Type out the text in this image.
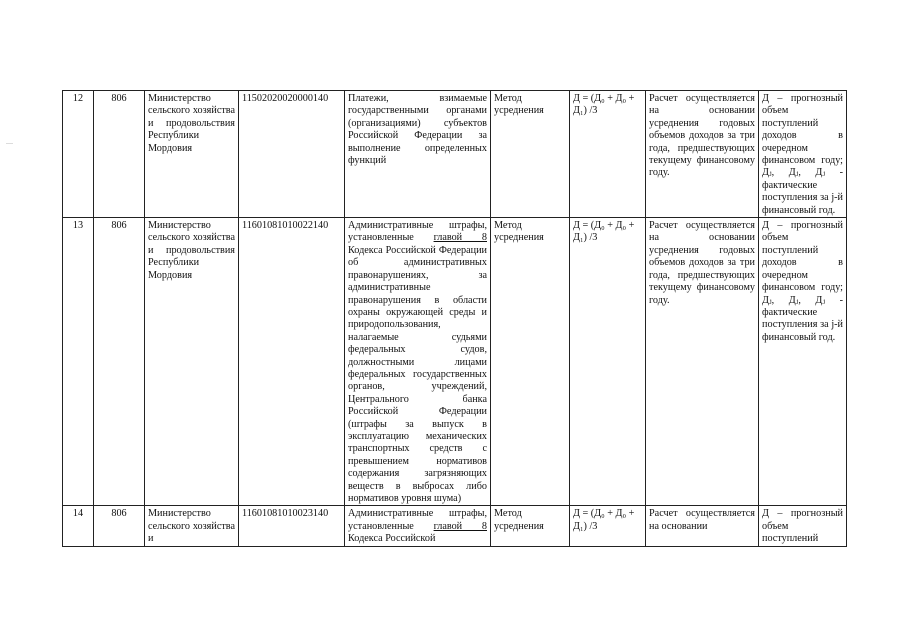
—
12	806	Министерство сельского хозяйства и продовольствия Республики Мордовия	11502020020000140	Платежи, взимаемые государственными органами (организациями) субъектов Российской Федерации за выполнение определенных функций	Метод усреднения	Д = (Д₀ + Д₀ + Д₁) /3	Расчет осуществляется на основании усреднения годовых объемов доходов за три года, предшествующих текущему финансовому году.	Д – прогнозный объем поступлений доходов в очередном финансовом году; Дⱼ, Дⱼ, Дⱼ - фактические поступления за j-й финансовый год.
13	806	Министерство сельского хозяйства и продовольствия Республики Мордовия	11601081010022140	Административные штрафы, установленные главой 8 Кодекса Российской Федерации об административных правонарушениях, за административные правонарушения в области охраны окружающей среды и природопользования, налагаемые судьями федеральных судов, должностными лицами федеральных государственных органов, учреждений, Центрального банка Российской Федерации (штрафы за выпуск в эксплуатацию механических транспортных средств с превышением нормативов содержания загрязняющих веществ в выбросах либо нормативов уровня шума)	Метод усреднения	Д = (Д₀ + Д₀ + Д₁) /3	Расчет осуществляется на основании усреднения годовых объемов доходов за три года, предшествующих текущему финансовому году.	Д – прогнозный объем поступлений доходов в очередном финансовом году; Дⱼ, Дⱼ, Дⱼ - фактические поступления за j-й финансовый год.
14	806	Министерство сельского хозяйства и	11601081010023140	Административные штрафы, установленные главой 8 Кодекса Российской	Метод усреднения	Д = (Д₀ + Д₀ + Д₁) /3	Расчет осуществляется на основании	Д – прогнозный объем поступлений
